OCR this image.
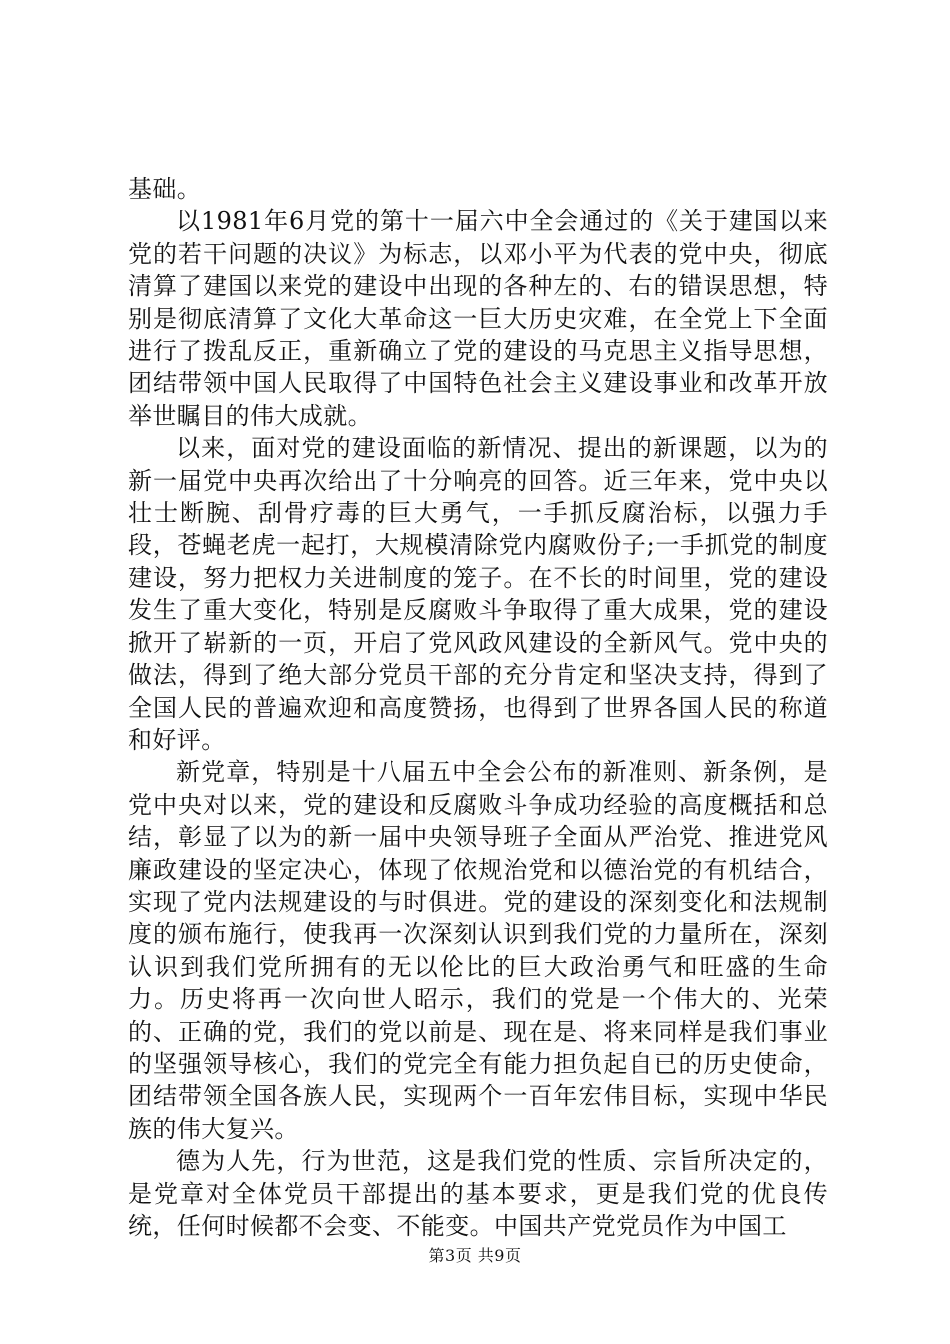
基础。

以1981年6月党的第十一届六中全会通过的《关于建国以来党的若干问题的决议》为标志，以邓小平为代表的党中央，彻底清算了建国以来党的建设中出现的各种左的、右的错误思想，特别是彻底清算了文化大革命这一巨大历史灾难，在全党上下全面进行了拨乱反正，重新确立了党的建设的马克思主义指导思想，团结带领中国人民取得了中国特色社会主义建设事业和改革开放举世瞩目的伟大成就。

以来，面对党的建设面临的新情况、提出的新课题，以为的新一届党中央再次给出了十分响亮的回答。近三年来，党中央以壮士断腕、刮骨疗毒的巨大勇气，一手抓反腐治标，以强力手段，苍蝇老虎一起打，大规模清除党内腐败份子;一手抓党的制度建设，努力把权力关进制度的笼子。在不长的时间里，党的建设发生了重大变化，特别是反腐败斗争取得了重大成果，党的建设掀开了崭新的一页，开启了党风政风建设的全新风气。党中央的做法，得到了绝大部分党员干部的充分肯定和坚决支持，得到了全国人民的普遍欢迎和高度赞扬，也得到了世界各国人民的称道和好评。

新党章，特别是十八届五中全会公布的新准则、新条例，是党中央对以来，党的建设和反腐败斗争成功经验的高度概括和总结，彰显了以为的新一届中央领导班子全面从严治党、推进党风廉政建设的坚定决心，体现了依规治党和以德治党的有机结合，实现了党内法规建设的与时俱进。党的建设的深刻变化和法规制度的颁布施行，使我再一次深刻认识到我们党的力量所在，深刻认识到我们党所拥有的无以伦比的巨大政治勇气和旺盛的生命力。历史将再一次向世人昭示，我们的党是一个伟大的、光荣的、正确的党，我们的党以前是、现在是、将来同样是我们事业的坚强领导核心，我们的党完全有能力担负起自已的历史使命，团结带领全国各族人民，实现两个一百年宏伟目标，实现中华民族的伟大复兴。

德为人先，行为世范，这是我们党的性质、宗旨所决定的，是党章对全体党员干部提出的基本要求，更是我们党的优良传统，任何时候都不会变、不能变。中国共产党党员作为中国工

第3页 共9页
